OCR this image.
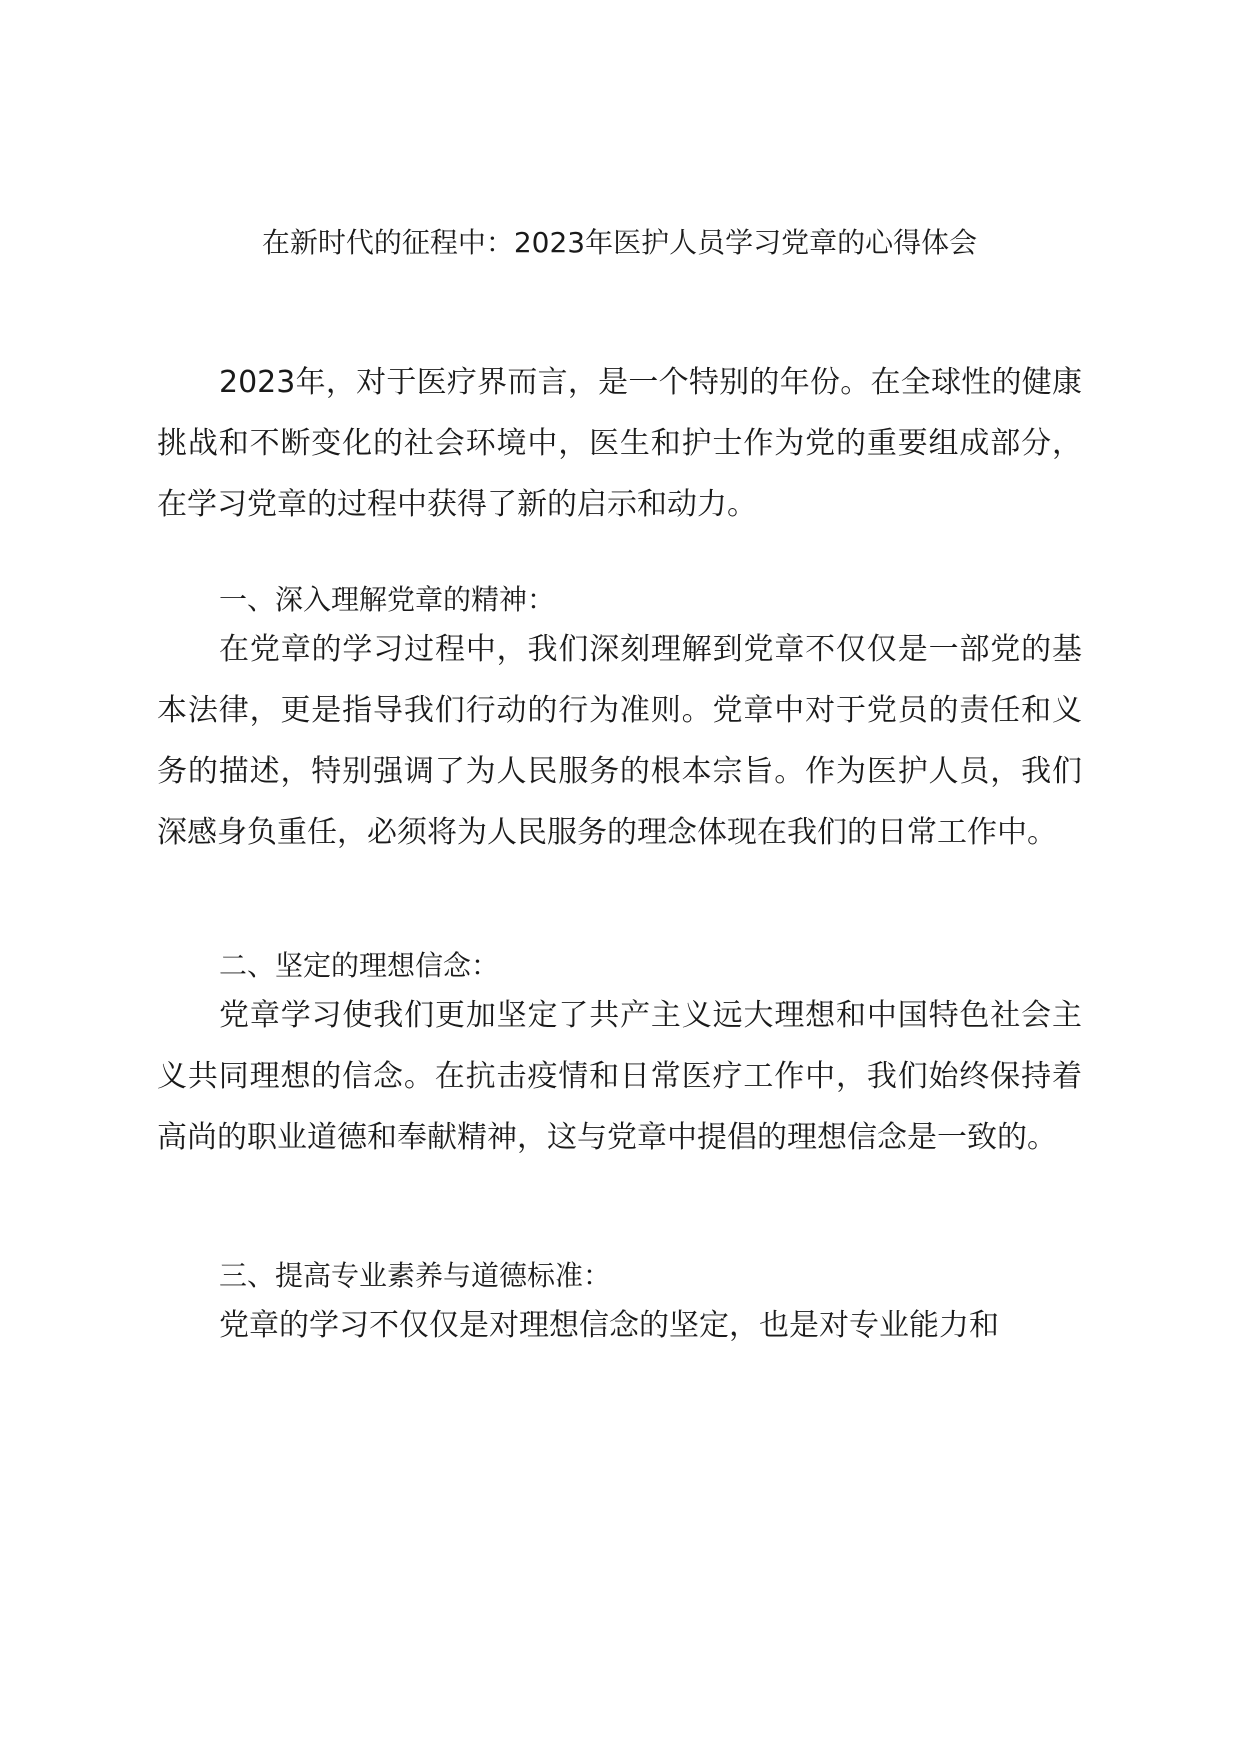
在新时代的征程中：2023年医护人员学习党章的心得体会

2023年，对于医疗界而言，是一个特别的年份。在全球性的健康挑战和不断变化的社会环境中，医生和护士作为党的重要组成部分，在学习党章的过程中获得了新的启示和动力。

一、深入理解党章的精神：

在党章的学习过程中，我们深刻理解到党章不仅仅是一部党的基本法律，更是指导我们行动的行为准则。党章中对于党员的责任和义务的描述，特别强调了为人民服务的根本宗旨。作为医护人员，我们深感身负重任，必须将为人民服务的理念体现在我们的日常工作中。

二、坚定的理想信念：

党章学习使我们更加坚定了共产主义远大理想和中国特色社会主义共同理想的信念。在抗击疫情和日常医疗工作中，我们始终保持着高尚的职业道德和奉献精神，这与党章中提倡的理想信念是一致的。

三、提高专业素养与道德标准：

党章的学习不仅仅是对理想信念的坚定，也是对专业能力和
